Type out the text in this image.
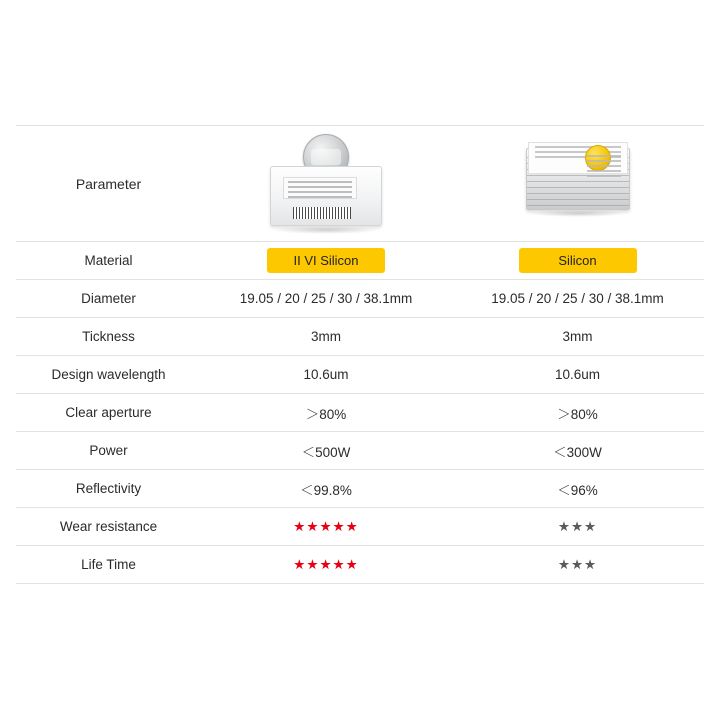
Parameter	

Material	II VI Silicon	Silicon
Diameter	19.05 / 20 / 25 / 30 / 38.1mm	19.05 / 20 / 25 / 30 / 38.1mm
Tickness	3mm	3mm
Design wavelength	10.6um	10.6um
Clear aperture	＞80%	＞80%
Power	＜500W	＜300W
Reflectivity	＜99.8%	＜96%
Wear resistance	★★★★★	★★★
Life Time	★★★★★	★★★
